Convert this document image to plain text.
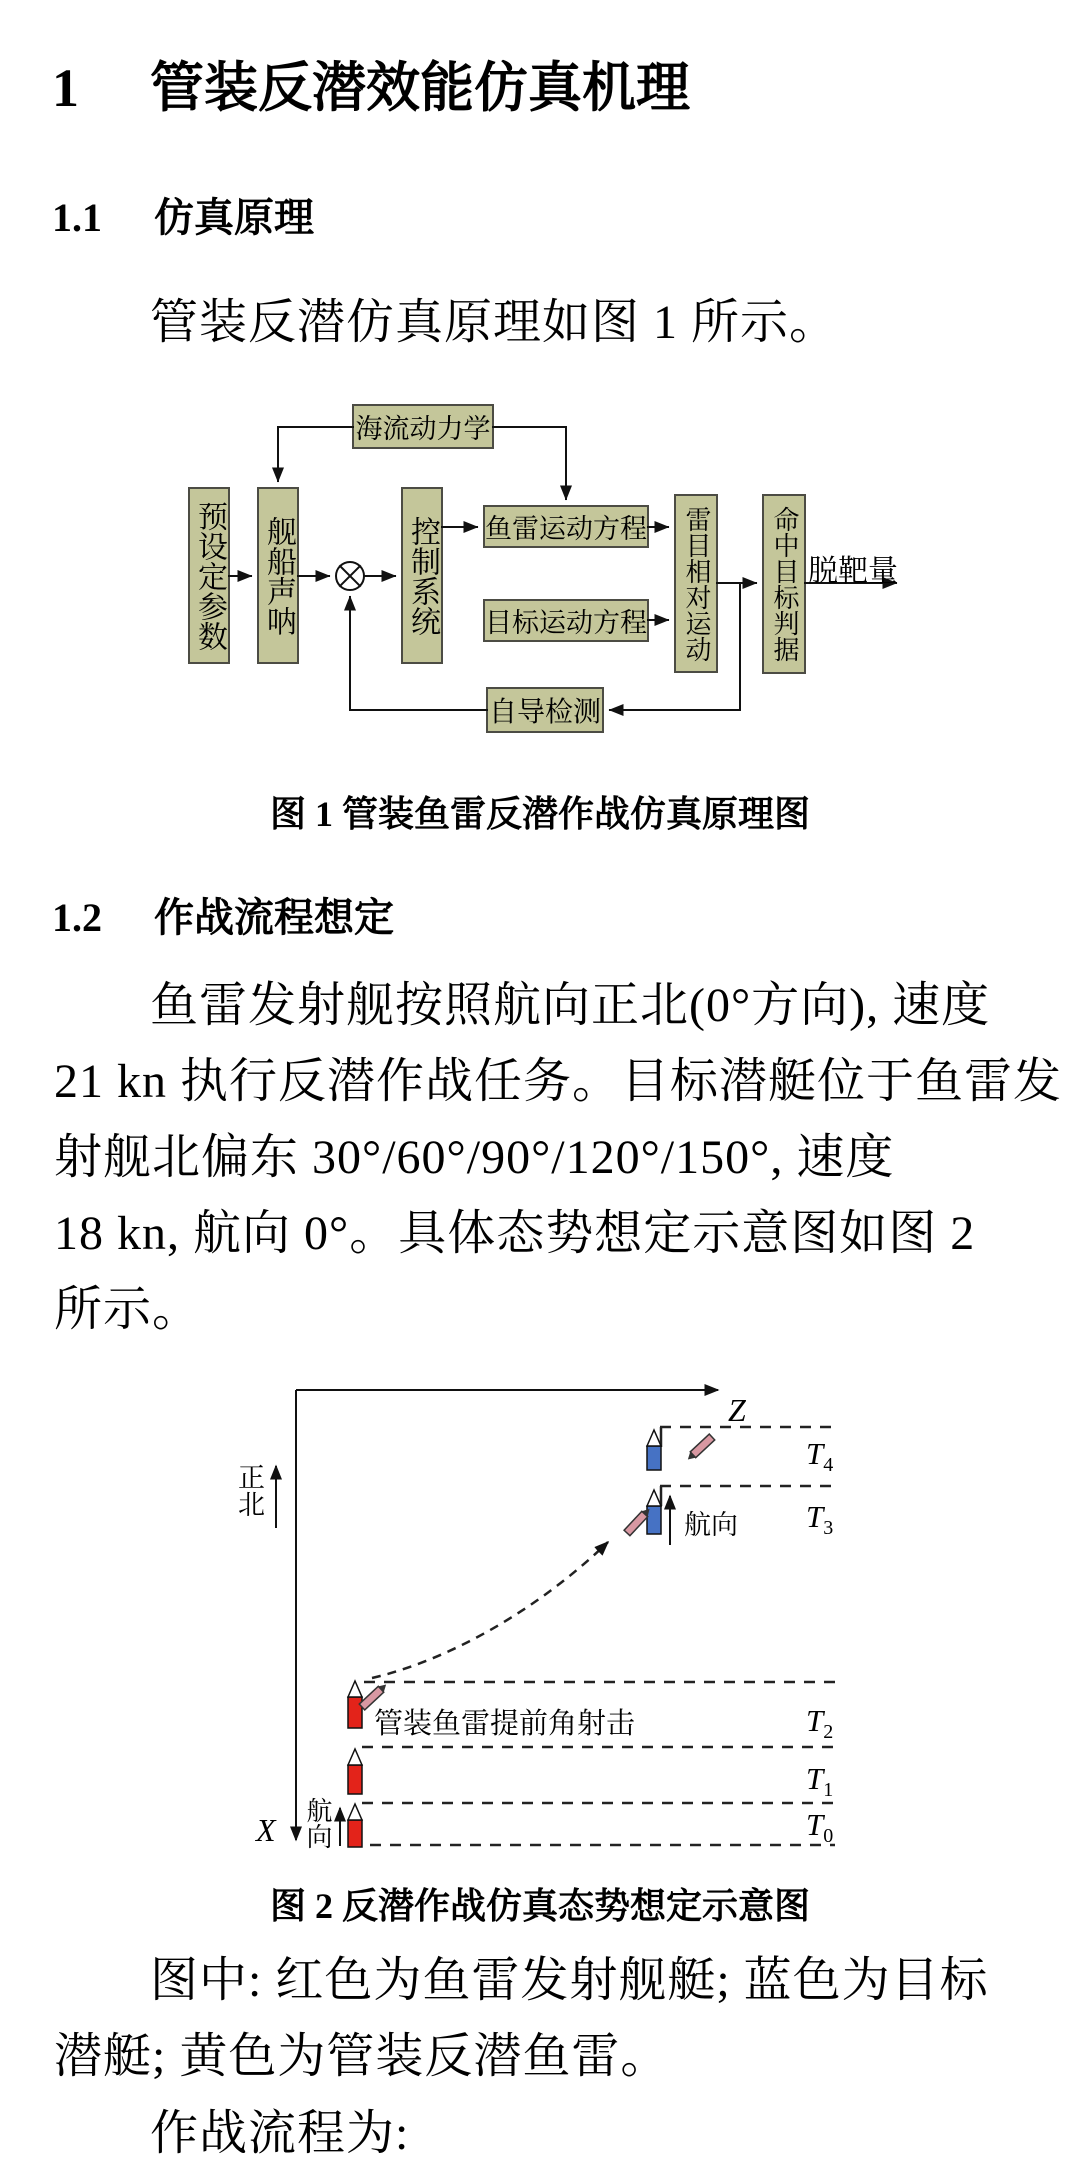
1 管装反潜效能仿真机理
1.1 仿真原理
管装反潜仿真原理如图 1 所示。
海流动力学
预设定参数 舰船声呐	控制系统 鱼雷运动方程
目标运动方程 雷目相对运动 命中目标判据
自导检测
脱靶量
图 1 管装鱼雷反潜作战仿真原理图
1.2 作战流程想定
鱼雷发射舰按照航向正北(0°方向), 速度
21 kn 执行反潜作战任务。目标潜艇位于鱼雷发
射舰北偏东 30°/60°/90°/120°/150°, 速度
18 kn, 航向 0°。具体态势想定示意图如图 2
所示。
Z
X
正北
航向
航向
管装鱼雷提前角射击
$T_4$
$T_3$
$T_2$
$T_1$
$T_0$
图 2 反潜作战仿真态势想定示意图
图中: 红色为鱼雷发射舰艇; 蓝色为目标
潜艇; 黄色为管装反潜鱼雷。
作战流程为:
